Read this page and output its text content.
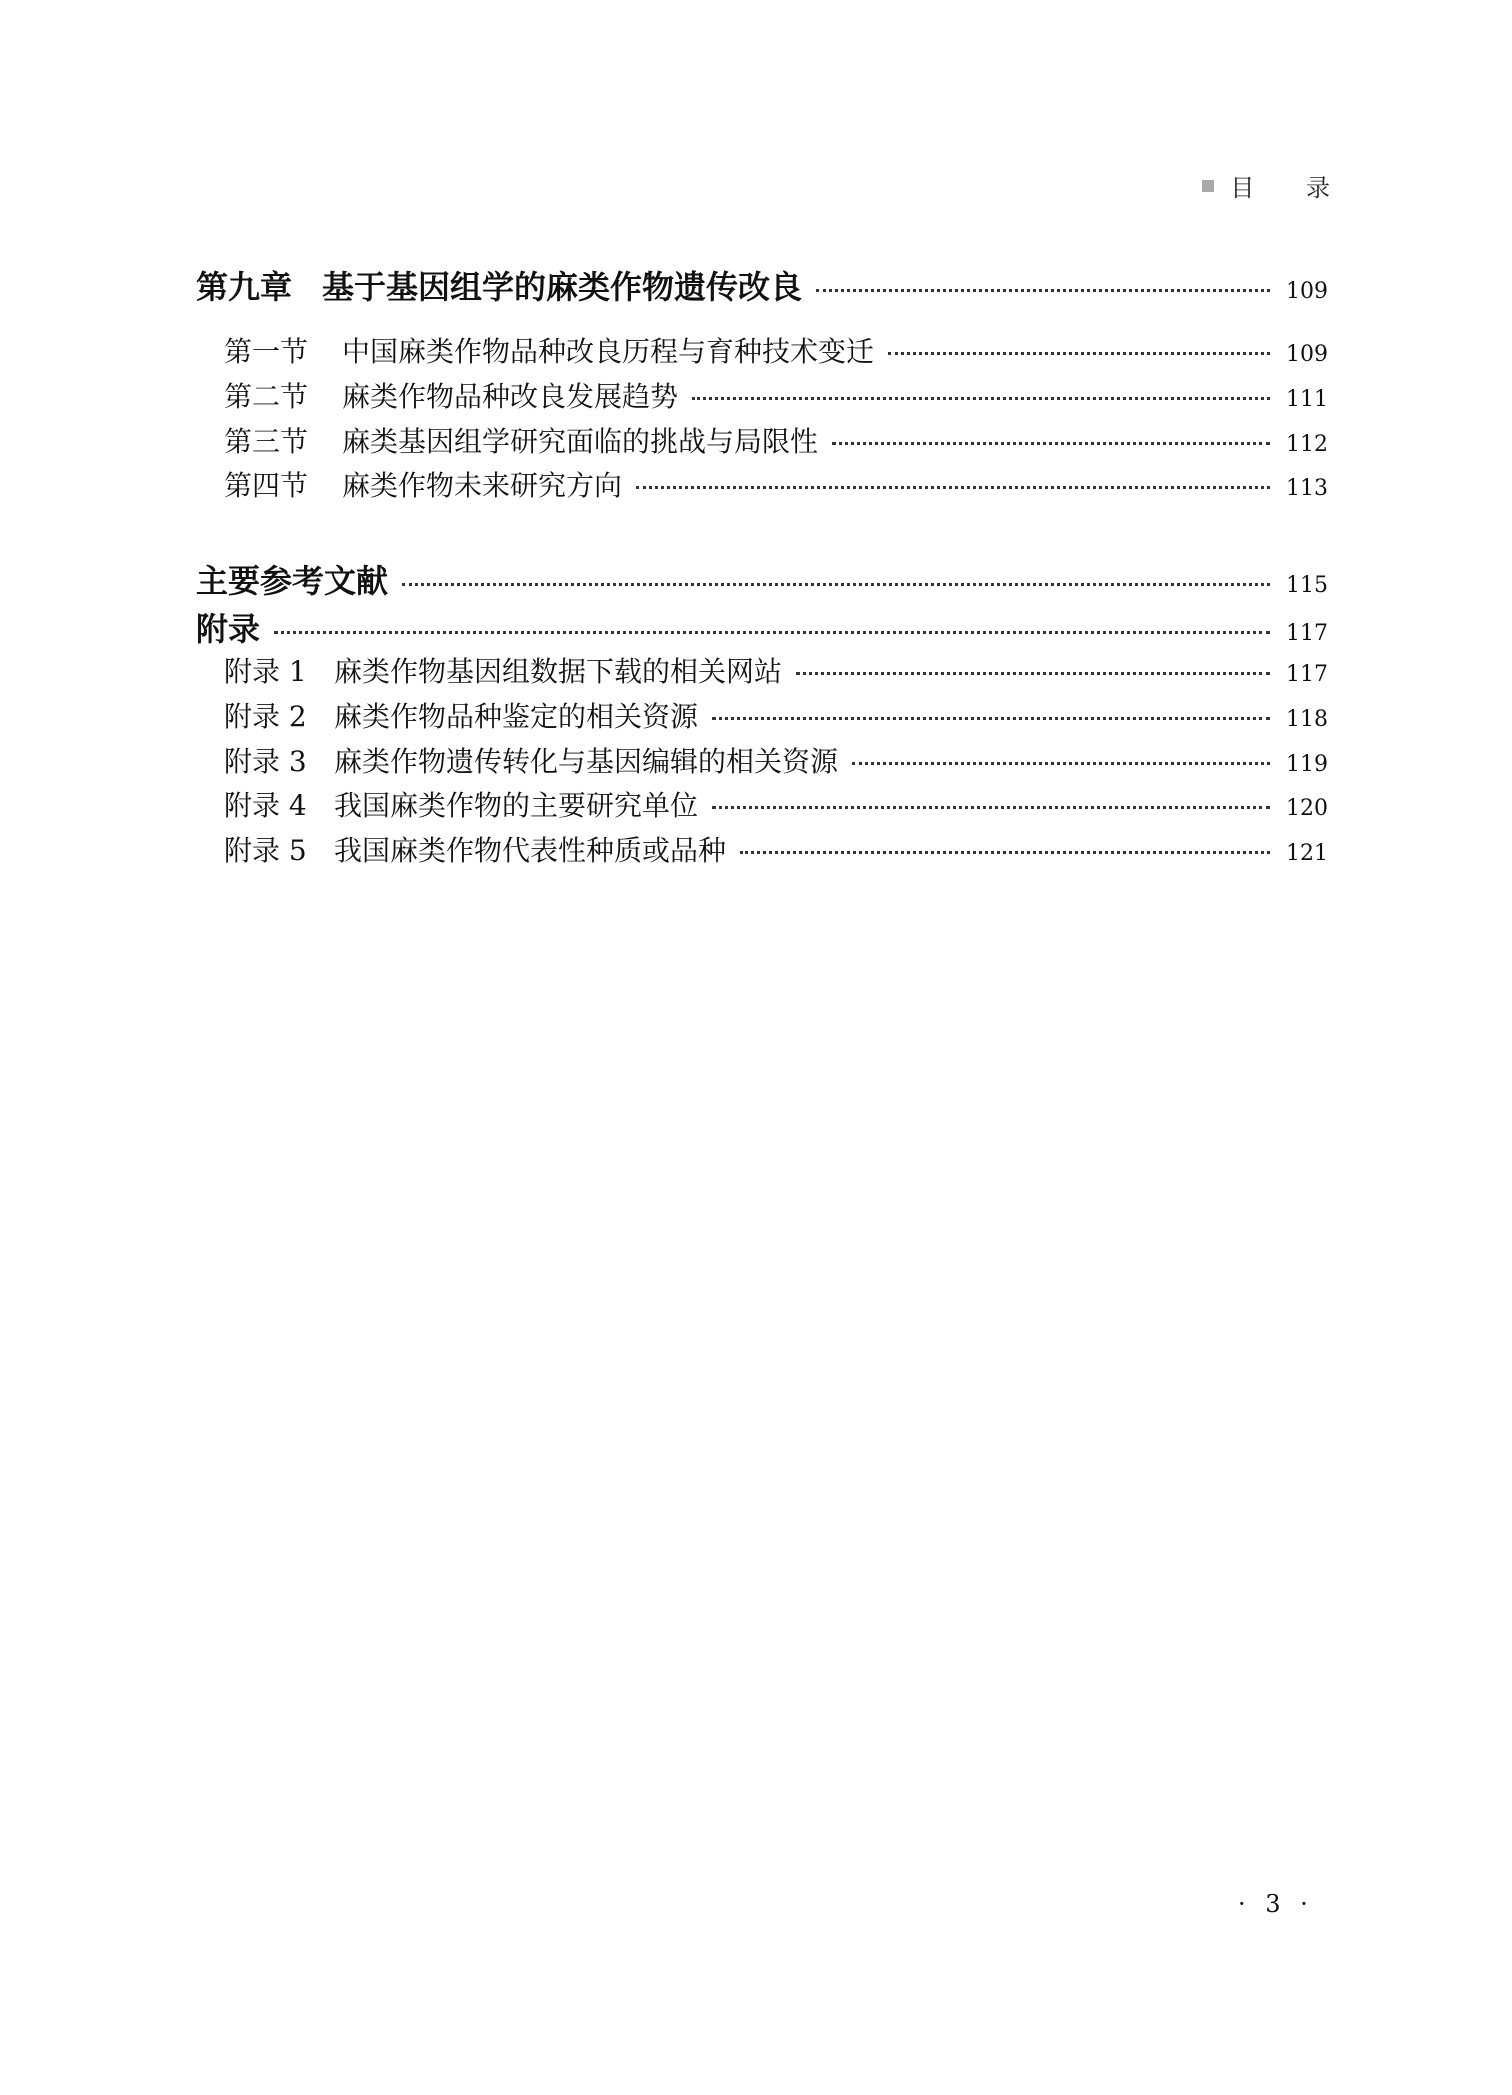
目 录
第九章 基于基因组学的麻类作物遗传改良	109
第一节	中国麻类作物品种改良历程与育种技术变迁	109
第二节	麻类作物品种改良发展趋势	111
第三节	麻类基因组学研究面临的挑战与局限性	112
第四节	麻类作物未来研究方向	113
主要参考文献	115
附录	117
附录 1 麻类作物基因组数据下载的相关网站	117
附录 2 麻类作物品种鉴定的相关资源	118
附录 3 麻类作物遗传转化与基因编辑的相关资源	119
附录 4 我国麻类作物的主要研究单位	120
附录 5 我国麻类作物代表性种质或品种	121
· 3 ·
